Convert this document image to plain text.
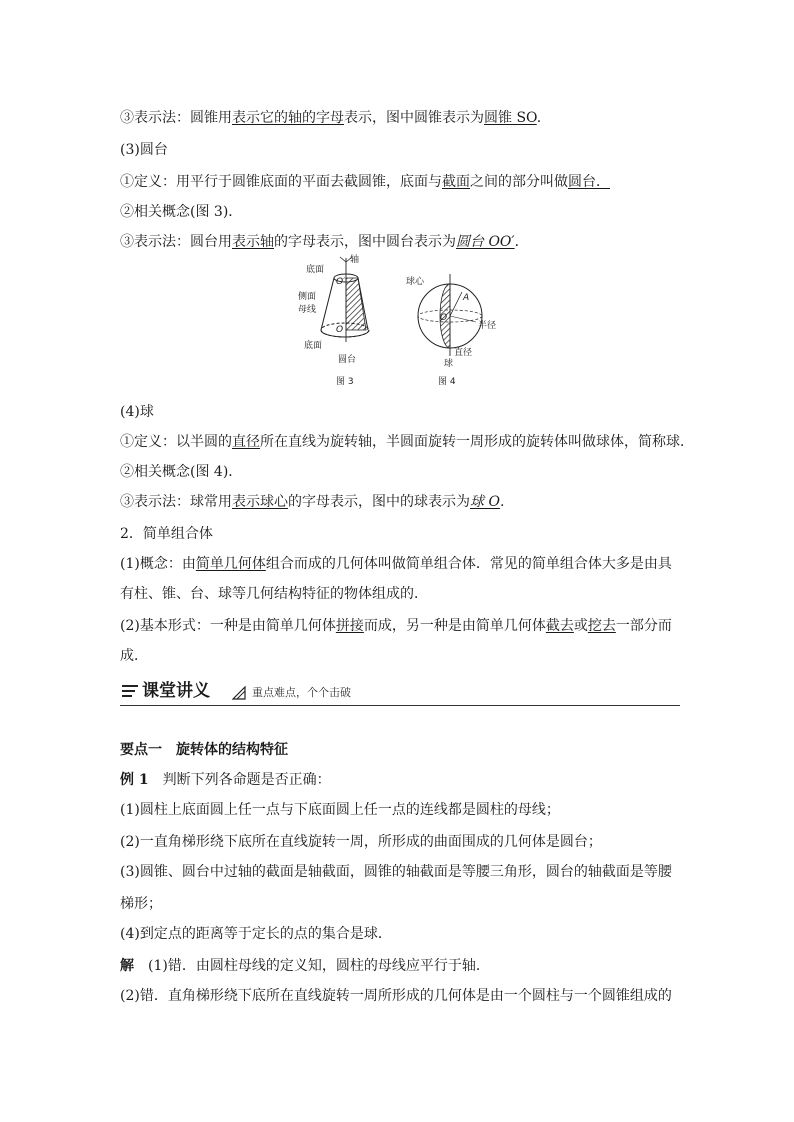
③表示法：圆锥用表示它的轴的字母表示，图中圆锥表示为圆锥 SO.
(3)圆台
①定义：用平行于圆锥底面的平面去截圆锥，底面与截面之间的部分叫做圆台．
②相关概念(图 3)．
③表示法：圆台用表示轴的字母表示，图中圆台表示为圆台 OO′．
底面
轴
侧面
母线
底面
圆台
O′
O
球心
A
O
半径
直径
球
图 3	图 4
(4)球
①定义：以半圆的直径所在直线为旋转轴，半圆面旋转一周形成的旋转体叫做球体，简称球．
②相关概念(图 4)．
③表示法：球常用表示球心的字母表示，图中的球表示为球 O.
2．简单组合体
(1)概念：由简单几何体组合而成的几何体叫做简单组合体．常见的简单组合体大多是由具
有柱、锥、台、球等几何结构特征的物体组成的．
(2)基本形式：一种是由简单几何体拼接而成，另一种是由简单几何体截去或挖去一部分而
成．
课堂讲义	重点难点，个个击破
要点一　旋转体的结构特征
例 1　判断下列各命题是否正确：
(1)圆柱上底面圆上任一点与下底面圆上任一点的连线都是圆柱的母线；
(2)一直角梯形绕下底所在直线旋转一周，所形成的曲面围成的几何体是圆台；
(3)圆锥、圆台中过轴的截面是轴截面，圆锥的轴截面是等腰三角形，圆台的轴截面是等腰
梯形；
(4)到定点的距离等于定长的点的集合是球．
解　(1)错．由圆柱母线的定义知，圆柱的母线应平行于轴．
(2)错．直角梯形绕下底所在直线旋转一周所形成的几何体是由一个圆柱与一个圆锥组成的
